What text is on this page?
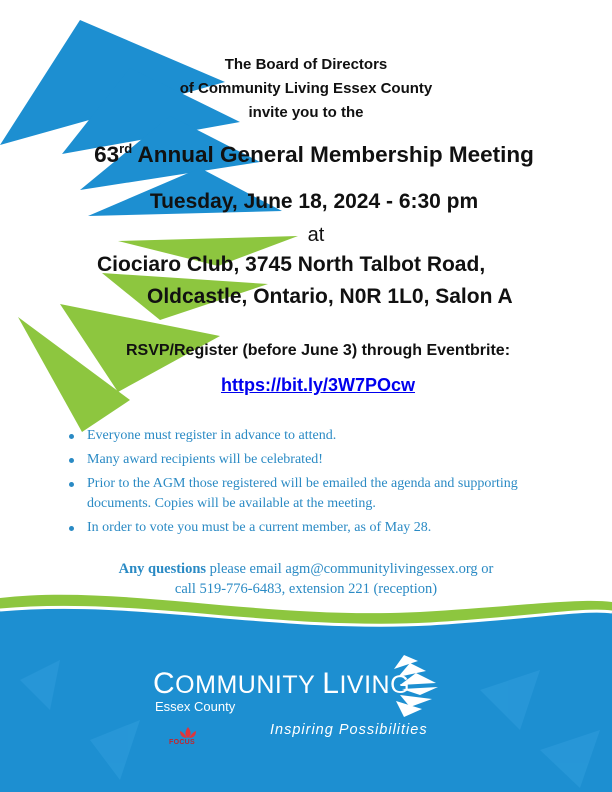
The Board of Directors
of Community Living Essex County
invite you to the
63rd Annual General Membership Meeting
Tuesday, June 18, 2024 - 6:30 pm
at
Ciociaro Club, 3745 North Talbot Road,
Oldcastle, Ontario, N0R 1L0, Salon A
RSVP/Register (before June 3) through Eventbrite:
https://bit.ly/3W7POcw
Everyone must register in advance to attend.
Many award recipients will be celebrated!
Prior to the AGM those registered will be emailed the agenda and supporting documents. Copies will be available at the meeting.
In order to vote you must be a current member, as of May 28.
Any questions please email agm@communitylivingessex.org or
call 519-776-6483, extension 221 (reception)
COMMUNITY LIVING
Essex County
Inspiring Possibilities
FOCUS
